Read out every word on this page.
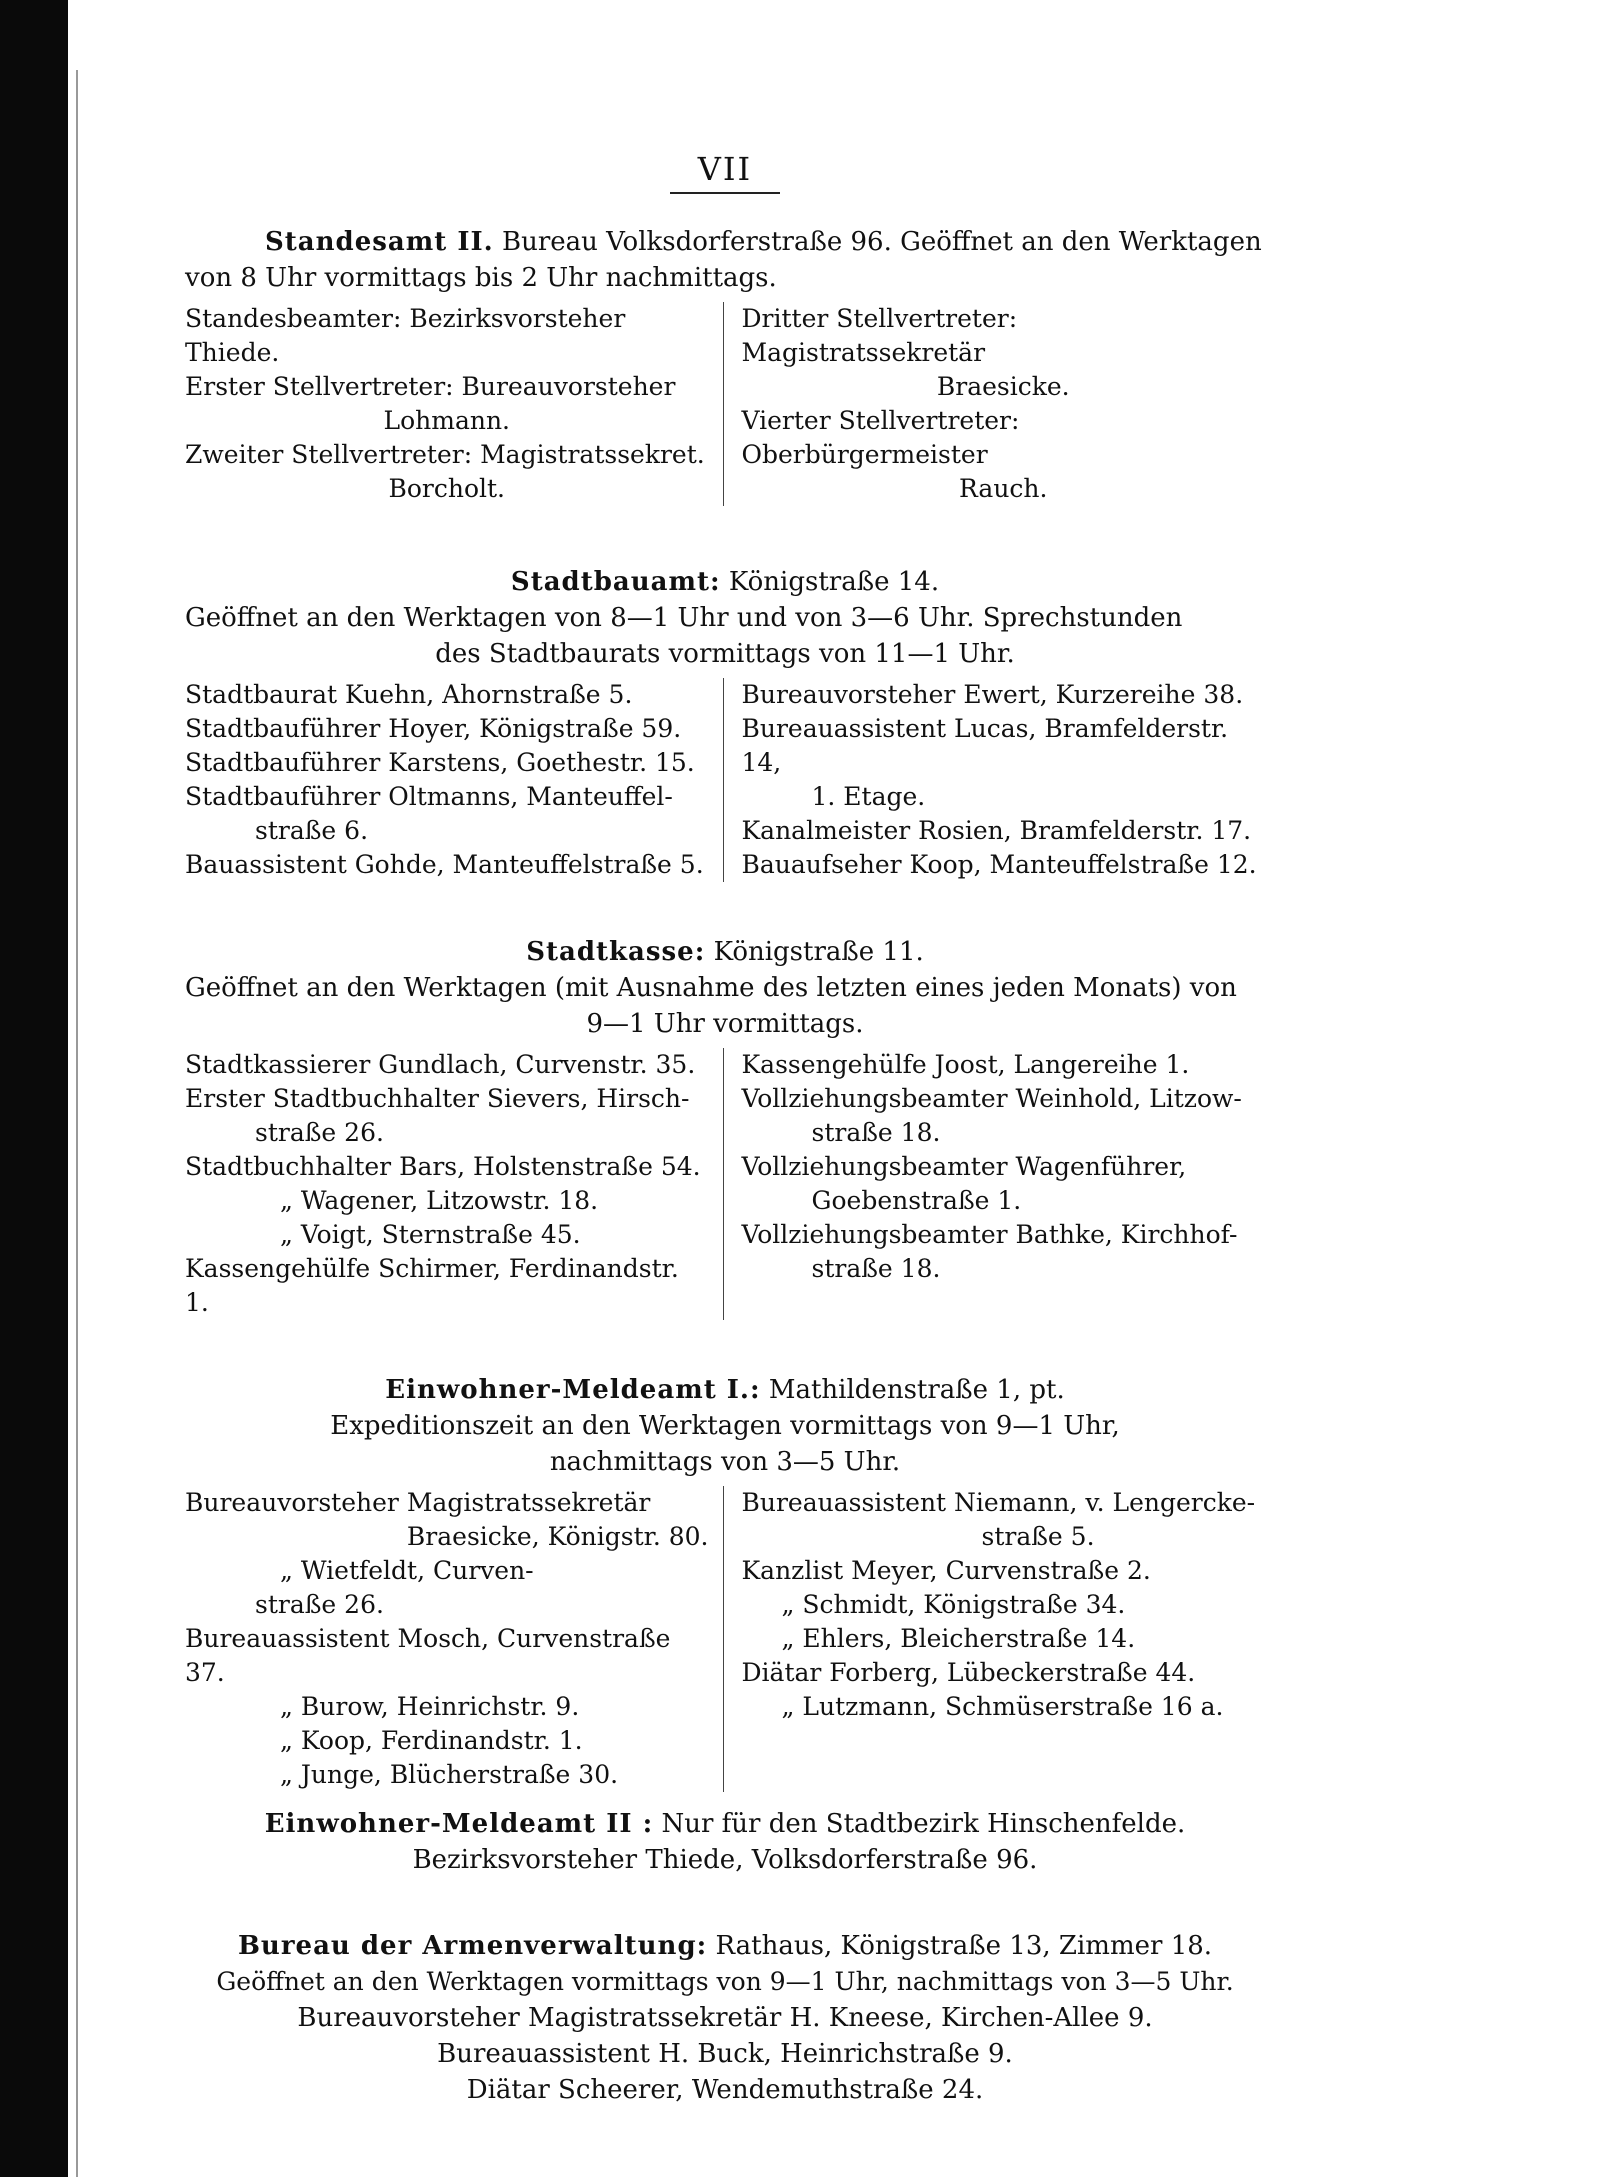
VII
Standesamt II. Bureau Volksdorferstraße 96. Geöffnet an den Werktagen
von 8 Uhr vormittags bis 2 Uhr nachmittags.
Standesbeamter: Bezirksvorsteher Thiede.
Erster Stellvertreter: Bureauvorsteher
Lohmann.
Zweiter Stellvertreter: Magistratssekret.
Borcholt.
Dritter Stellvertreter: Magistratssekretär
Braesicke.
Vierter Stellvertreter: Oberbürgermeister
Rauch.
Stadtbauamt: Königstraße 14.
Geöffnet an den Werktagen von 8—1 Uhr und von 3—6 Uhr. Sprechstunden
des Stadtbaurats vormittags von 11—1 Uhr.
Stadtbaurat Kuehn, Ahornstraße 5.
Stadtbauführer Hoyer, Königstraße 59.
Stadtbauführer Karstens, Goethestr. 15.
Stadtbauführer Oltmanns, Manteuffel-
straße 6.
Bauassistent Gohde, Manteuffelstraße 5.
Bureauvorsteher Ewert, Kurzereihe 38.
Bureauassistent Lucas, Bramfelderstr. 14,
1. Etage.
Kanalmeister Rosien, Bramfelderstr. 17.
Bauaufseher Koop, Manteuffelstraße 12.
Stadtkasse: Königstraße 11.
Geöffnet an den Werktagen (mit Ausnahme des letzten eines jeden Monats) von
9—1 Uhr vormittags.
Stadtkassierer Gundlach, Curvenstr. 35.
Erster Stadtbuchhalter Sievers, Hirsch-
straße 26.
Stadtbuchhalter Bars, Holstenstraße 54.
„ Wagener, Litzowstr. 18.
„ Voigt, Sternstraße 45.
Kassengehülfe Schirmer, Ferdinandstr. 1.
Kassengehülfe Joost, Langereihe 1.
Vollziehungsbeamter Weinhold, Litzow-
straße 18.
Vollziehungsbeamter Wagenführer,
Goebenstraße 1.
Vollziehungsbeamter Bathke, Kirchhof-
straße 18.
Einwohner-Meldeamt I.: Mathildenstraße 1, pt.
Expeditionszeit an den Werktagen vormittags von 9—1 Uhr,
nachmittags von 3—5 Uhr.
Bureauvorsteher Magistratssekretär
Braesicke, Königstr. 80.
„ Wietfeldt, Curven-
straße 26.
Bureauassistent Mosch, Curvenstraße 37.
„ Burow, Heinrichstr. 9.
„ Koop, Ferdinandstr. 1.
„ Junge, Blücherstraße 30.
Bureauassistent Niemann, v. Lengercke-
straße 5.
Kanzlist Meyer, Curvenstraße 2.
„ Schmidt, Königstraße 34.
„ Ehlers, Bleicherstraße 14.
Diätar Forberg, Lübeckerstraße 44.
„ Lutzmann, Schmüserstraße 16 a.
Einwohner-Meldeamt II : Nur für den Stadtbezirk Hinschenfelde.
Bezirksvorsteher Thiede, Volksdorferstraße 96.
Bureau der Armenverwaltung: Rathaus, Königstraße 13, Zimmer 18.
Geöffnet an den Werktagen vormittags von 9—1 Uhr, nachmittags von 3—5 Uhr.
Bureauvorsteher Magistratssekretär H. Kneese, Kirchen-Allee 9.
Bureauassistent H. Buck, Heinrichstraße 9.
Diätar Scheerer, Wendemuthstraße 24.
